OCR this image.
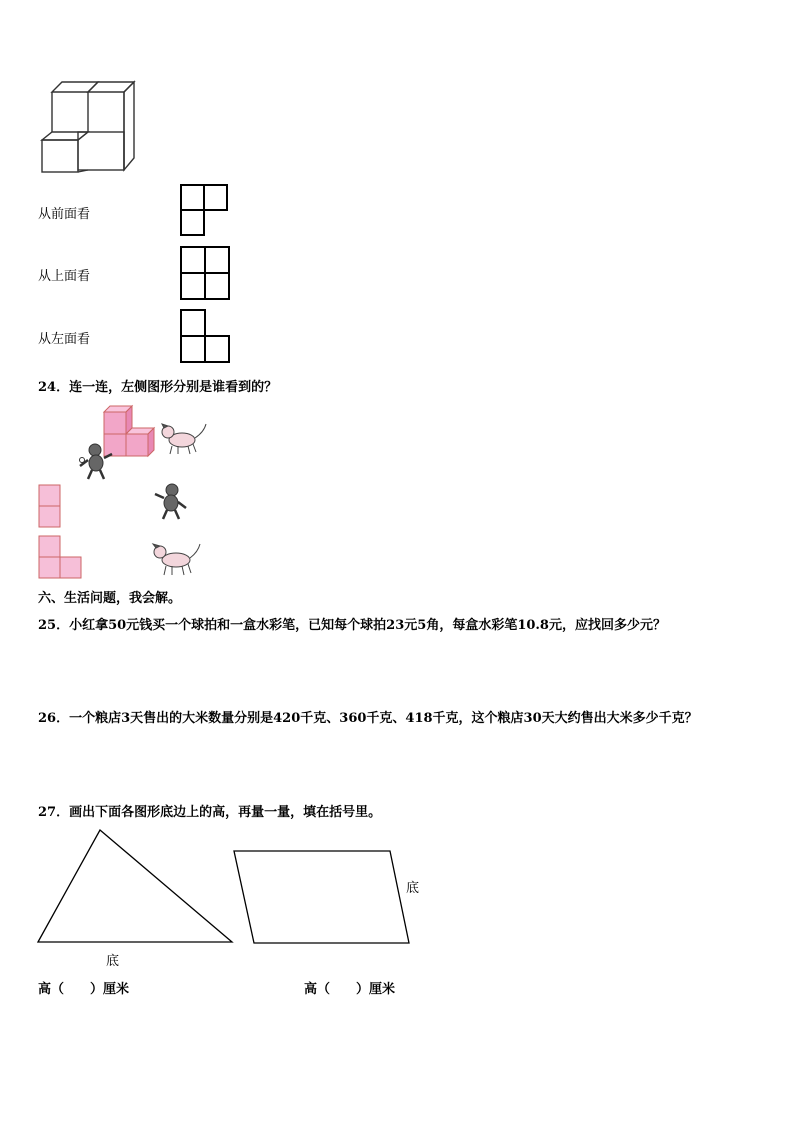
从前面看
从上面看
从左面看
24．连一连，左侧图形分别是谁看到的？
六、生活问题，我会解。
25．小红拿50元钱买一个球拍和一盒水彩笔，已知每个球拍23元5角，每盒水彩笔10.8元，应找回多少元？
26．一个粮店3天售出的大米数量分别是420千克、360千克、418千克，这个粮店30天大约售出大米多少千克？
27．画出下面各图形底边上的高，再量一量，填在括号里。
底
底
高（　　）厘米	高（　　）厘米
